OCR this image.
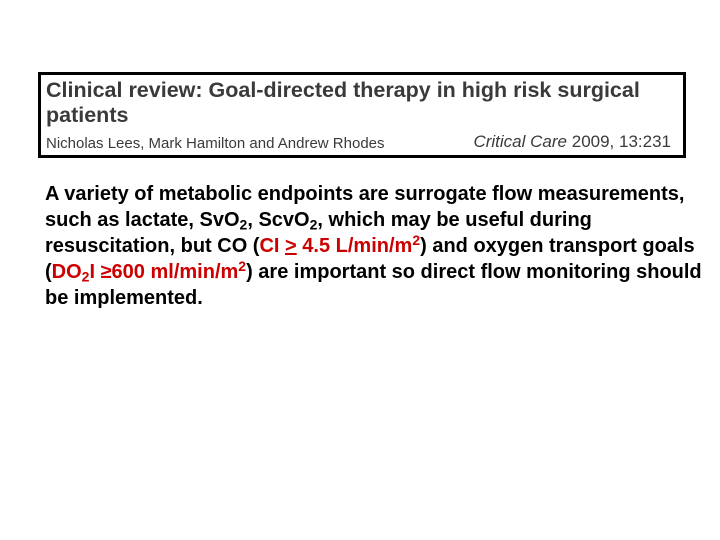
Clinical review: Goal-directed therapy in high risk surgical patients
Nicholas Lees, Mark Hamilton and Andrew Rhodes	Critical Care 2009, 13:231

A variety of metabolic endpoints are surrogate flow measurements, such as lactate, SvO$_2$, ScvO$_2$, which may be useful during resuscitation, but CO (CI ≥ 4.5 $L/\min/m^2$) and oxygen transport goals ($DO_2I \ge 600$ $ml/\min/m^2$) are important so direct flow monitoring should be implemented.
